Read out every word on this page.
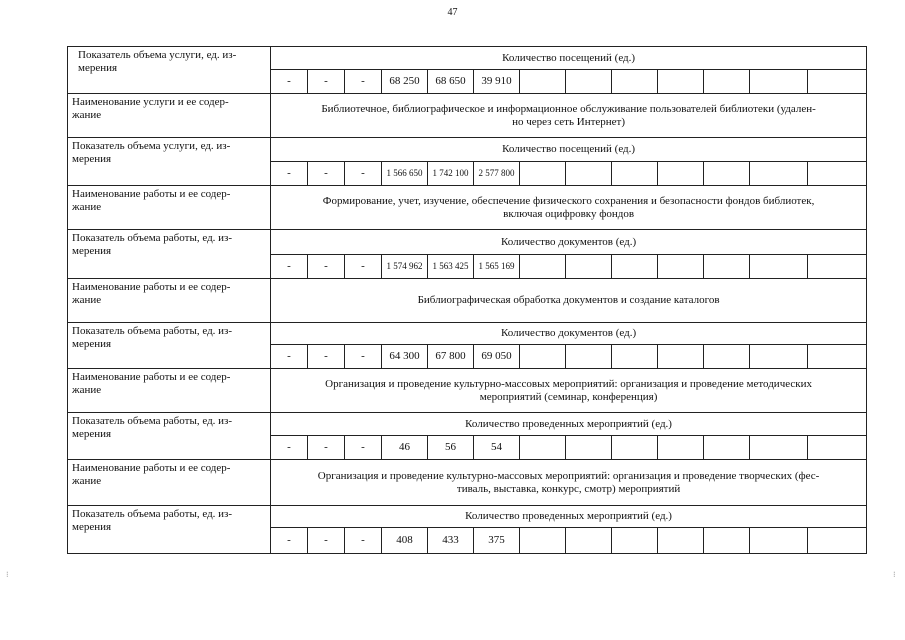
47
Показатель объема услуги, ед. из-
мерения	Количество посещений (ед.)												
	-	-	-	68 250	68 650	39 910							
Наименование услуги и ее содер-
жание	Библиотечное, библиографическое и информационное обслуживание пользователей библиотеки (удален-
но через сеть Интернет)												
Показатель объема услуги, ед. из-
мерения	Количество посещений (ед.)												
	-	-	-	1 566 650	1 742 100	2 577 800							
Наименование работы и ее содер-
жание	Формирование, учет, изучение, обеспечение физического сохранения и безопасности фондов библиотек,
включая оцифровку фондов												
Показатель объема работы, ед. из-
мерения	Количество документов (ед.)												
	-	-	-	1 574 962	1 563 425	1 565 169							
Наименование работы и ее содер-
жание	Библиографическая обработка документов и создание каталогов												
Показатель объема работы, ед. из-
мерения	Количество документов (ед.)												
	-	-	-	64 300	67 800	69 050							
Наименование работы и ее содер-
жание	Организация и проведение культурно-массовых мероприятий: организация и проведение методических
мероприятий (семинар, конференция)												
Показатель объема работы, ед. из-
мерения	Количество проведенных мероприятий (ед.)												
	-	-	-	46	56	54							
Наименование работы и ее содер-
жание	Организация и проведение культурно-массовых мероприятий: организация и проведение творческих (фес-
тиваль, выставка, конкурс, смотр) мероприятий												
Показатель объема работы, ед. из-
мерения	Количество проведенных мероприятий (ед.)												
	-	-	-	408	433	375							
⁝	⁝
